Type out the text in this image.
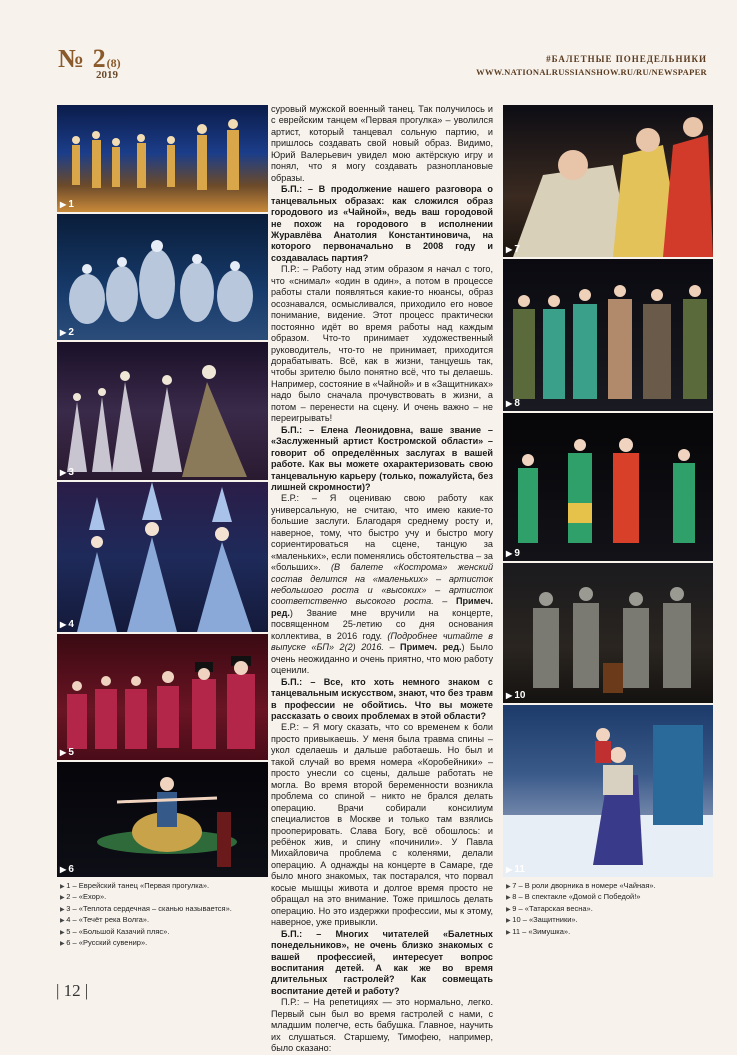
№ 2(8)
2019
#БАЛЕТНЫЕ ПОНЕДЕЛЬНИКИ
WWW.NATIONALRUSSIANSHOW.RU/RU/NEWSPAPER
▶ 1
▶ 2
▶ 3
▶ 4
▶ 5
▶ 6
▶ 1 – Еврейский танец «Первая прогулка».
▶ 2 – «Ехор».
▶ 3 – «Теплота сердечная – сканью называется».
▶ 4 – «Течёт река Волга».
▶ 5 – «Большой Казачий пляс».
▶ 6 – «Русский сувенир».

суровый мужской военный танец. Так получилось и с еврейским танцем «Первая прогулка» – уволился артист, который танцевал сольную партию, и пришлось создавать свой новый образ. Видимо, Юрий Валерьевич увидел мою актёрскую игру и понял, что я могу создавать разноплановые образы.

Б.П.: – В продолжение нашего разговора о танцевальных образах: как сложился образ городового из «Чайной», ведь ваш городовой не похож на городового в исполнении Журавлёва Анатолия Константиновича, на которого первоначально в 2008 году и создавалась партия?

П.Р.: – Работу над этим образом я начал с того, что «снимал» «один в один», а потом в процессе работы стали появляться какие-то нюансы, образ осознавался, осмысливался, приходило его новое понимание, видение. Этот процесс практически постоянно идёт во время работы над каждым образом. Что-то принимает художественный руководитель, что-то не принимает, приходится дорабатывать. Всё, как в жизни, танцуешь так, чтобы зрителю было понятно всё, что ты делаешь. Например, состояние в «Чайной» и в «Защитниках» надо было сначала прочувствовать в жизни, а потом – перенести на сцену. И очень важно – не переигрывать!

Б.П.: – Елена Леонидовна, ваше звание – «Заслуженный артист Костромской области» – говорит об определённых заслугах в вашей работе. Как вы можете охарактеризовать свою танцевальную карьеру (только, пожалуйста, без лишней скромности)?

Е.Р.: – Я оцениваю свою работу как универсальную, не считаю, что имею какие-то большие заслуги. Благодаря среднему росту и, наверное, тому, что быстро учу и быстро могу сориентироваться на сцене, танцую за «маленьких», если поменялись обстоятельства – за «больших». (В балете «Кострома» женский состав делится на «маленьких» – артисток небольшого роста и «высоких» – артисток соответственно высокого роста. – Примеч. ред.) Звание мне вручили на концерте, посвященном 25-летию со дня основания коллектива, в 2016 году. (Подробнее читайте в выпуске «БП» 2(2) 2016. – Примеч. ред.) Было очень неожиданно и очень приятно, что мою работу оценили.

Б.П.: – Все, кто хоть немного знаком с танцевальным искусством, знают, что без травм в профессии не обойтись. Что вы можете рассказать о своих проблемах в этой области?

Е.Р.: – Я могу сказать, что со временем к боли просто привыкаешь. У меня была травма спины – укол сделаешь и дальше работаешь. Но был и такой случай во время номера «Коробейники» – просто унесли со сцены, дальше работать не могла. Во время второй беременности возникла проблема со спиной – никто не брался делать операцию. Врачи собирали консилиум специалистов в Москве и только там взялись прооперировать. Слава Богу, всё обошлось: и ребёнок жив, и спину «починили». У Павла Михайловича проблема с коленями, делали операцию. А однажды на концерте в Самаре, где было много знакомых, так постарался, что порвал косые мышцы живота и долгое время просто не обращал на это внимание. Тоже пришлось делать операцию. Но это издержки профессии, мы к этому, наверное, уже привыкли.

Б.П.: – Многих читателей «Балетных понедельников», не очень близко знакомых с вашей профессией, интересует вопрос воспитания детей. А как же во время длительных гастролей? Как совмещать воспитание детей и работу?

П.Р.: – На репетициях — это нормально, легко. Первый сын был во время гастролей с нами, с младшим полегче, есть бабушка. Главное, научить их слушаться. Старшему, Тимофею, например, было сказано:

▶ 7
▶ 8
▶ 9
▶ 10
▶ 11
▶ 7 – В роли дворника в номере «Чайная».
▶ 8 – В спектакле «Домой с Победой!»
▶ 9 – «Татарская весна».
▶ 10 – «Защитники».
▶ 11 – «Зимушка».
| 12 |
